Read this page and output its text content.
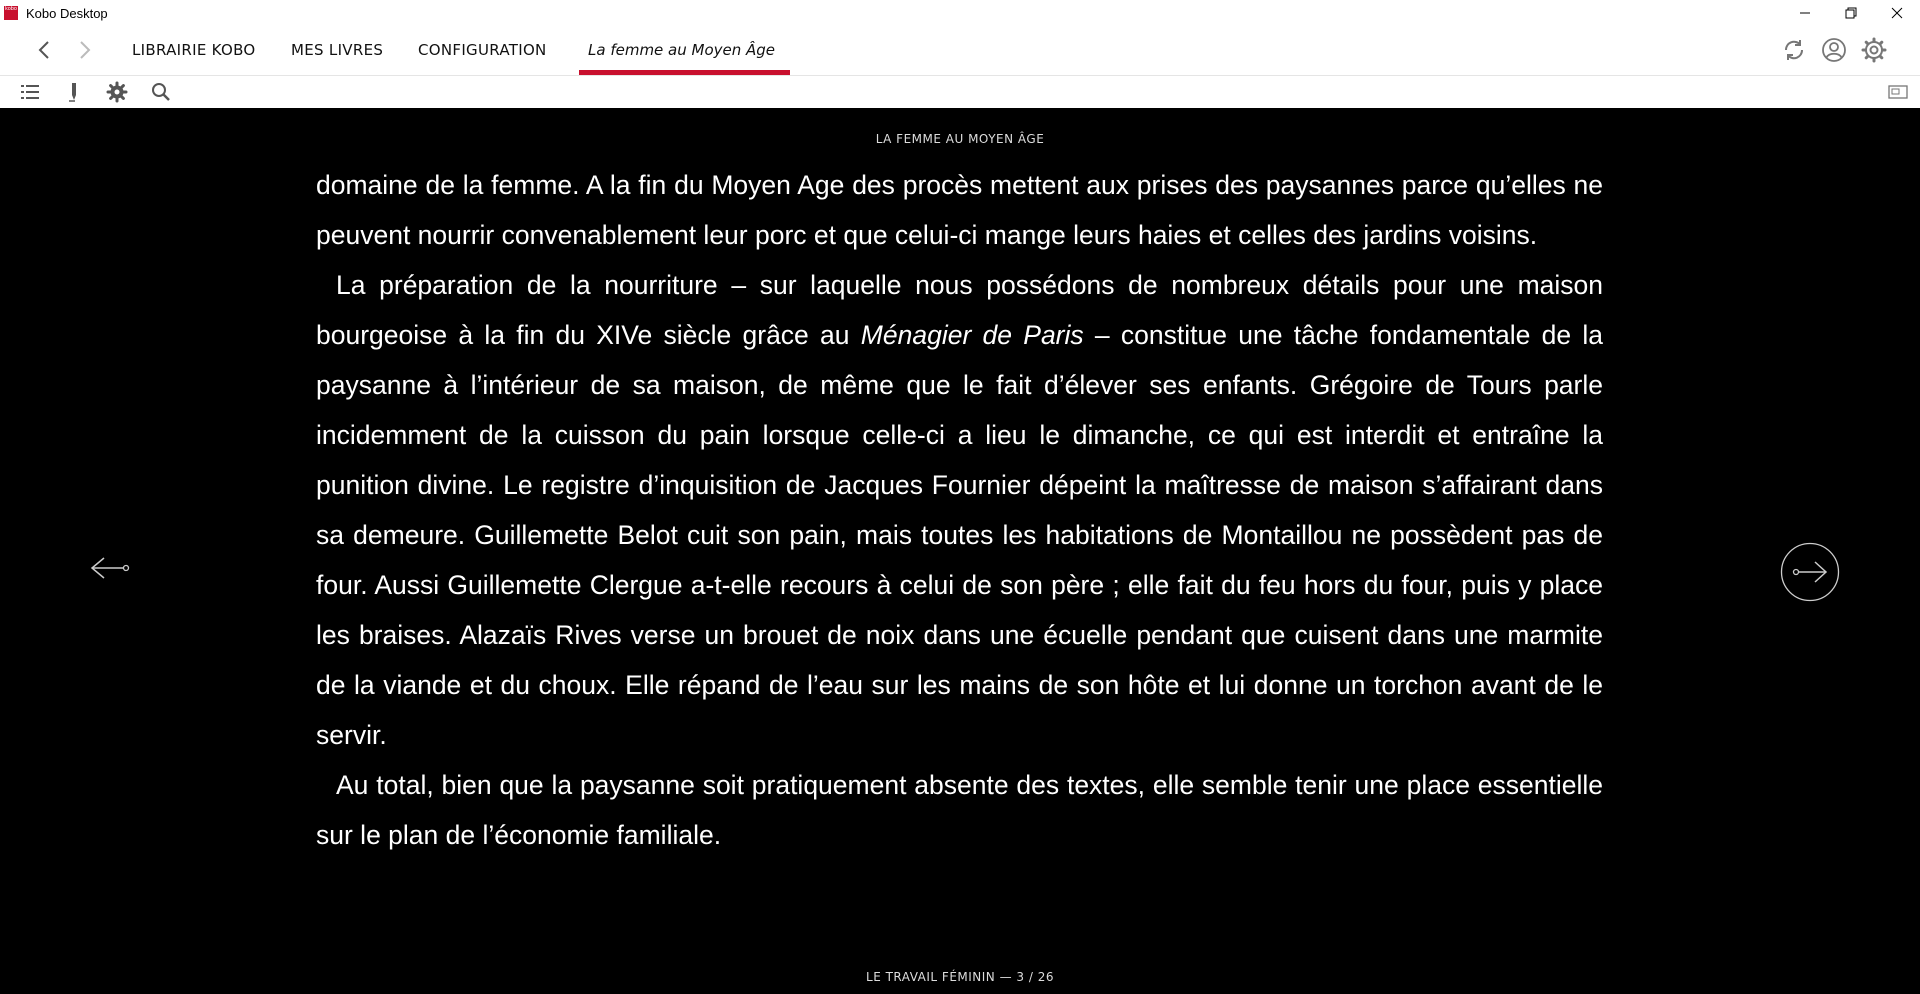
kobo Kobo Desktop
LIBRAIRIE KOBO MES LIVRES CONFIGURATION	La femme au Moyen Âge
LA FEMME AU MOYEN ÂGE

domaine de la femme. A la fin du Moyen Age des procès mettent aux prises des paysannes parce qu’elles ne peuvent nourrir convenablement leur porc et que celui-ci mange leurs haies et celles des jardins voisins.

La préparation de la nourriture – sur laquelle nous possédons de nombreux détails pour une maison bourgeoise à la fin du XIVe siècle grâce au Ménagier de Paris – constitue une tâche fondamentale de la paysanne à l’intérieur de sa maison, de même que le fait d’élever ses enfants. Grégoire de Tours parle incidemment de la cuisson du pain lorsque celle-ci a lieu le dimanche, ce qui est interdit et entraîne la punition divine. Le registre d’inquisition de Jacques Fournier dépeint la maîtresse de maison s’affairant dans sa demeure. Guillemette Belot cuit son pain, mais toutes les habitations de Montaillou ne possèdent pas de four. Aussi Guillemette Clergue a-t-elle recours à celui de son père ; elle fait du feu hors du four, puis y place les braises. Alazaïs Rives verse un brouet de noix dans une écuelle pendant que cuisent dans une marmite de la viande et du choux. Elle répand de l’eau sur les mains de son hôte et lui donne un torchon avant de le servir.

Au total, bien que la paysanne soit pratiquement absente des textes, elle semble tenir une place essentielle sur le plan de l’économie familiale.

LE TRAVAIL FÉMININ — 3 / 26
